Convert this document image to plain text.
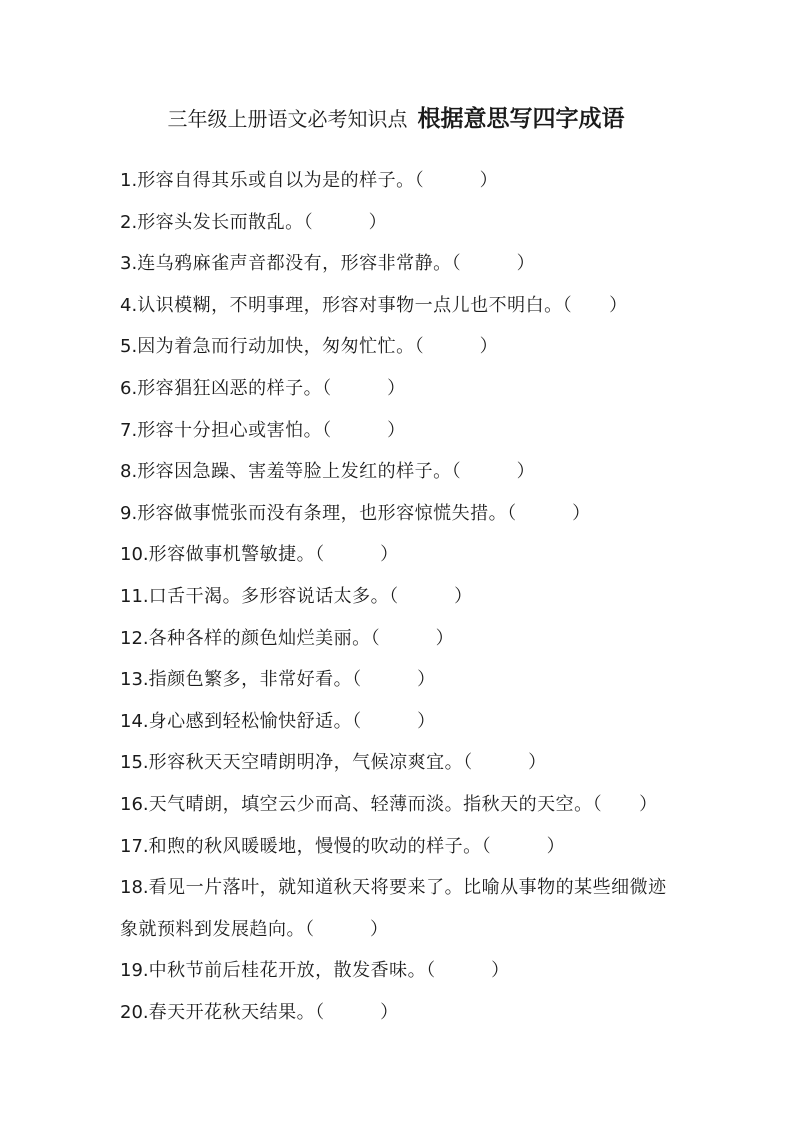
三年级上册语文必考知识点 根据意思写四字成语
1.形容自得其乐或自以为是的样子。（　　　）
2.形容头发长而散乱。（　　　）
3.连乌鸦麻雀声音都没有，形容非常静。（　　　）
4.认识模糊，不明事理，形容对事物一点儿也不明白。（　　）
5.因为着急而行动加快，匆匆忙忙。（　　　）
6.形容猖狂凶恶的样子。（　　　）
7.形容十分担心或害怕。（　　　）
8.形容因急躁、害羞等脸上发红的样子。（　　　）
9.形容做事慌张而没有条理，也形容惊慌失措。（　　　）
10.形容做事机警敏捷。（　　　）
11.口舌干渴。多形容说话太多。（　　　）
12.各种各样的颜色灿烂美丽。（　　　）
13.指颜色繁多，非常好看。（　　　）
14.身心感到轻松愉快舒适。（　　　）
15.形容秋天天空晴朗明净，气候凉爽宜。（　　　）
16.天气晴朗，填空云少而高、轻薄而淡。指秋天的天空。（　　）
17.和煦的秋风暖暖地，慢慢的吹动的样子。（　　　）
18.看见一片落叶，就知道秋天将要来了。比喻从事物的某些细微迹象就预料到发展趋向。（　　　）
19.中秋节前后桂花开放，散发香味。（　　　）
20.春天开花秋天结果。（　　　）
